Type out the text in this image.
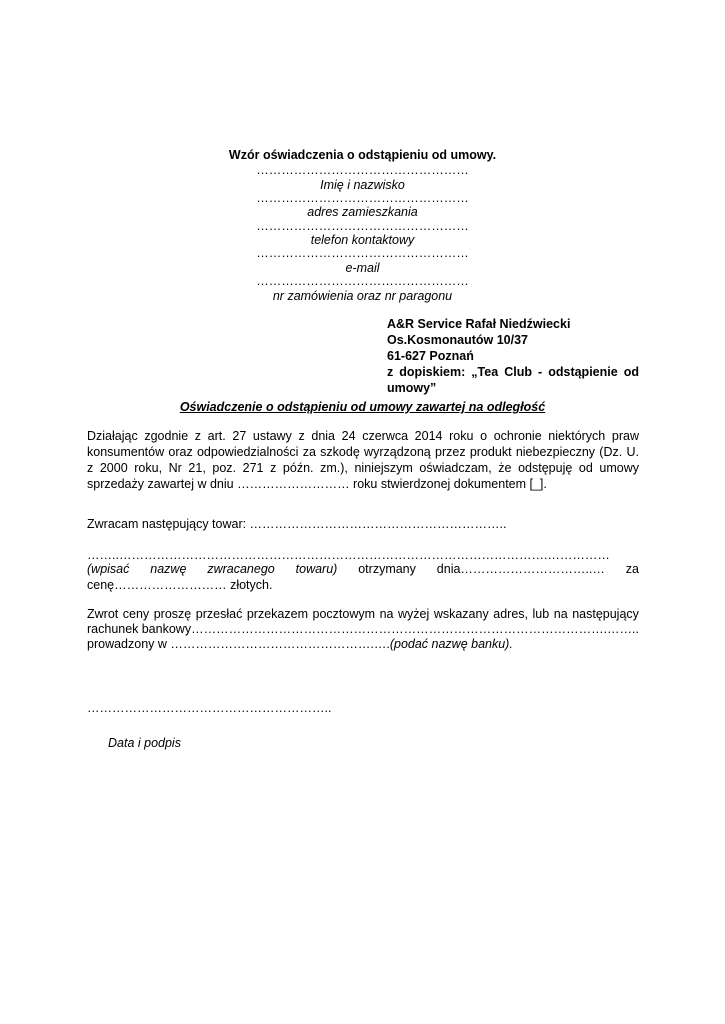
Wzór oświadczenia o odstąpieniu od umowy.
……………………………………………
Imię i nazwisko
……………………………………………
adres zamieszkania
……………………………………………
telefon kontaktowy
……………………………………………
e-mail
……………………………………………
nr zamówienia oraz nr paragonu
A&R Service Rafał Niedźwiecki
Os.Kosmonautów 10/37
61-627 Poznań
z dopiskiem: „Tea Club - odstąpienie od umowy”
Oświadczenie o odstąpieniu od umowy zawartej na odległość
Działając zgodnie z art. 27 ustawy z dnia 24 czerwca 2014 roku o ochronie niektórych praw konsumentów oraz odpowiedzialności za szkodę wyrządzoną przez produkt niebezpieczny (Dz. U. z 2000 roku, Nr 21, poz. 271 z późn. zm.), niniejszym oświadczam, że odstępuję od umowy sprzedaży zawartej w dniu ……………………… roku stwierdzonej dokumentem [_].
Zwracam następujący towar: ……………………………………………………..
……..………………………………………………………………………………………….……………
(wpisać nazwę zwracanego towaru) otrzymany dnia…………………………..… za
cenę……………………… złotych.
Zwrot ceny proszę przesłać przekazem pocztowym na wyżej wskazany adres, lub na następujący
rachunek bankowy……………………………………………………………………………………….……..
prowadzony w ………………………………………….….(podać nazwę banku).
…………………………………………………..
Data i podpis
